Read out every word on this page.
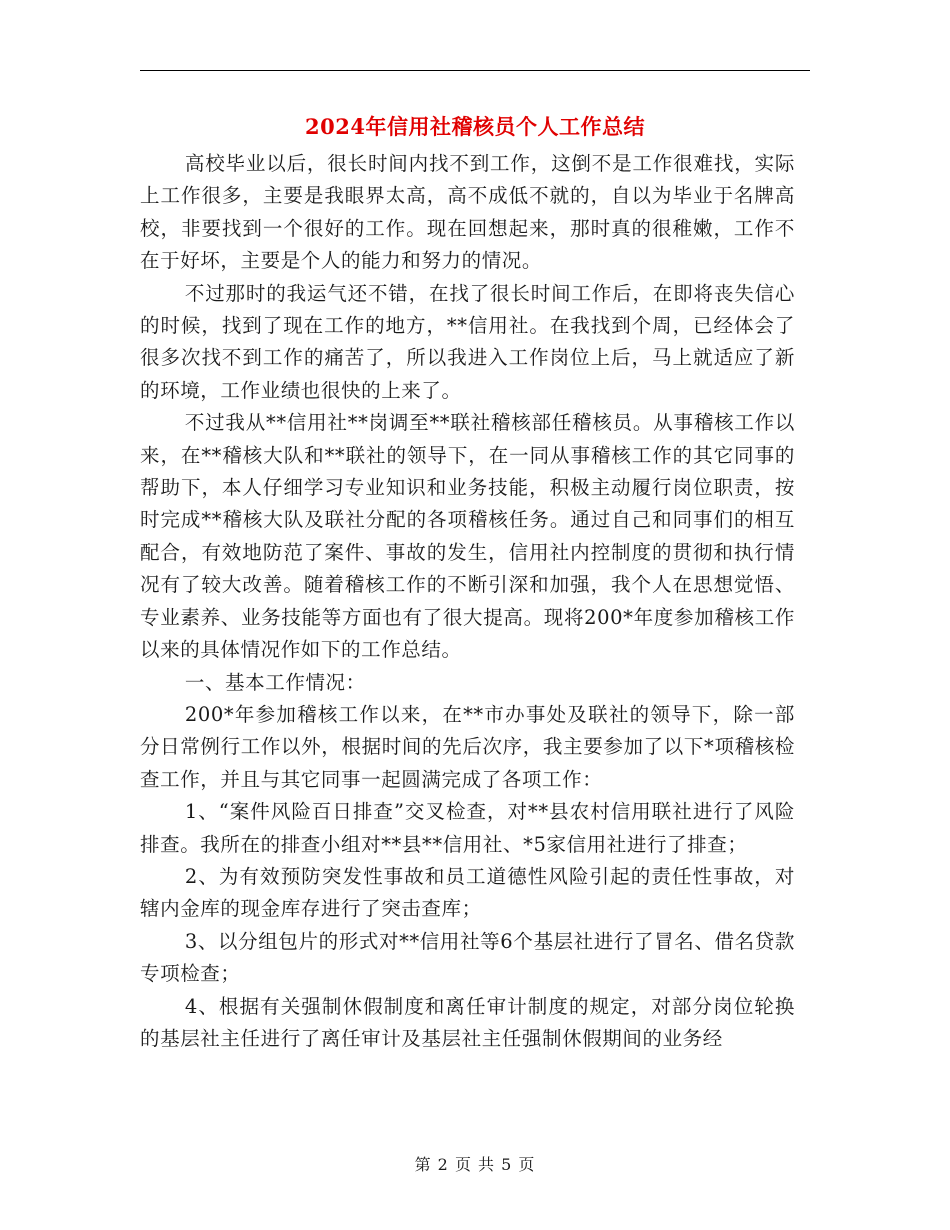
2024年信用社稽核员个人工作总结

高校毕业以后，很长时间内找不到工作，这倒不是工作很难找，实际上工作很多，主要是我眼界太高，高不成低不就的，自以为毕业于名牌高校，非要找到一个很好的工作。现在回想起来，那时真的很稚嫩，工作不在于好坏，主要是个人的能力和努力的情况。

不过那时的我运气还不错，在找了很长时间工作后，在即将丧失信心的时候，找到了现在工作的地方，**信用社。在我找到个周，已经体会了很多次找不到工作的痛苦了，所以我进入工作岗位上后，马上就适应了新的环境，工作业绩也很快的上来了。

不过我从**信用社**岗调至**联社稽核部任稽核员。从事稽核工作以来，在**稽核大队和**联社的领导下，在一同从事稽核工作的其它同事的帮助下，本人仔细学习专业知识和业务技能，积极主动履行岗位职责，按时完成**稽核大队及联社分配的各项稽核任务。通过自己和同事们的相互配合，有效地防范了案件、事故的发生，信用社内控制度的贯彻和执行情况有了较大改善。随着稽核工作的不断引深和加强，我个人在思想觉悟、专业素养、业务技能等方面也有了很大提高。现将200*年度参加稽核工作以来的具体情况作如下的工作总结。

一、基本工作情况：

200*年参加稽核工作以来，在**市办事处及联社的领导下，除一部分日常例行工作以外，根据时间的先后次序，我主要参加了以下*项稽核检查工作，并且与其它同事一起圆满完成了各项工作：

1、“案件风险百日排查”交叉检查，对**县农村信用联社进行了风险排查。我所在的排查小组对**县**信用社、*5家信用社进行了排查；

2、为有效预防突发性事故和员工道德性风险引起的责任性事故，对辖内金库的现金库存进行了突击查库；

3、以分组包片的形式对**信用社等6个基层社进行了冒名、借名贷款专项检查；

4、根据有关强制休假制度和离任审计制度的规定，对部分岗位轮换的基层社主任进行了离任审计及基层社主任强制休假期间的业务经

第 2 页 共 5 页
